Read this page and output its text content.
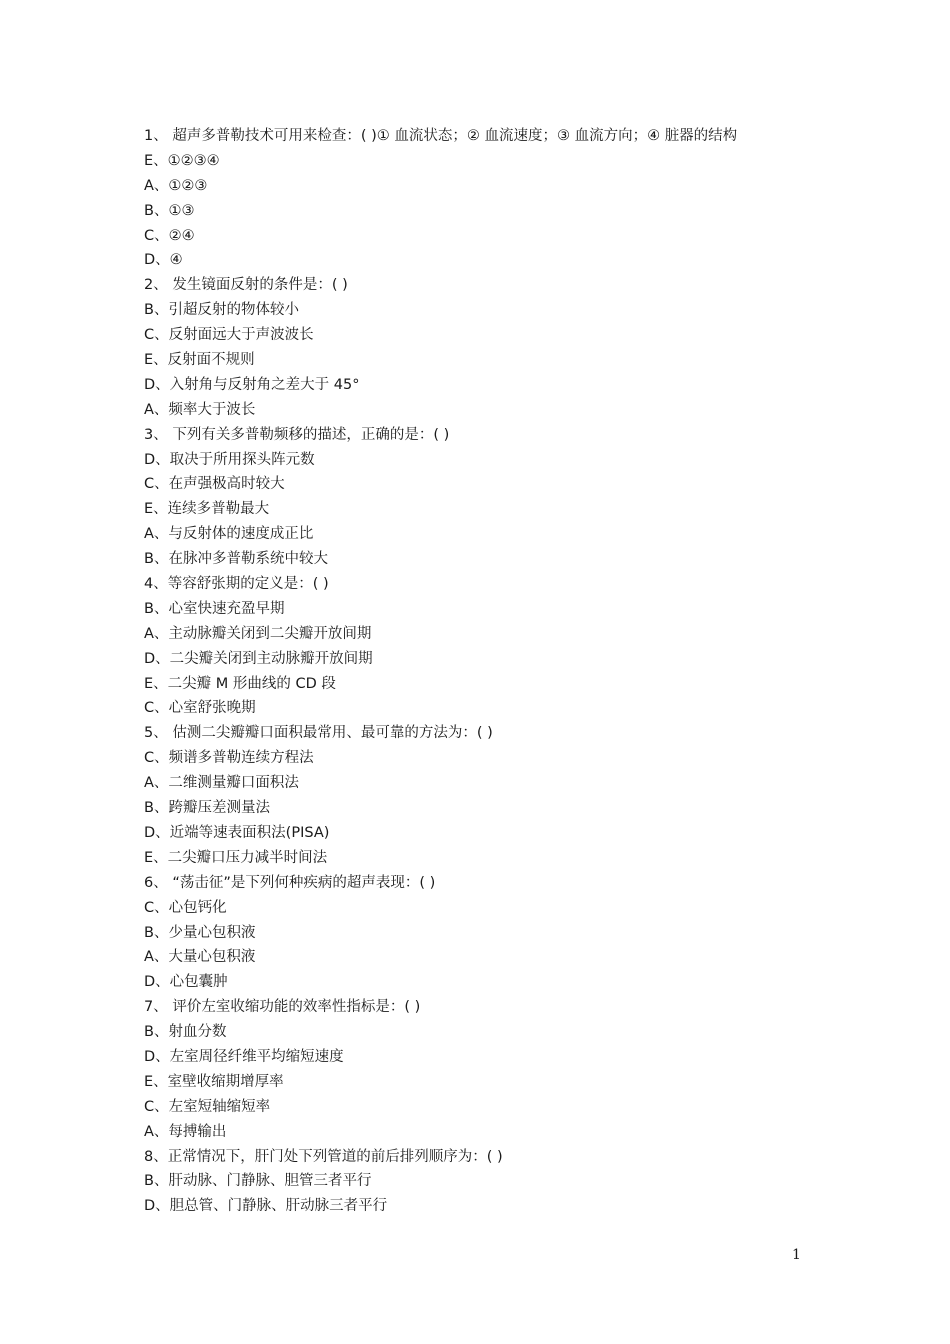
1、 超声多普勒技术可用来检查：( )① 血流状态；② 血流速度；③ 血流方向；④ 脏器的结构
E、①②③④
A、①②③
B、①③
C、②④
D、④
2、 发生镜面反射的条件是：( )
B、引超反射的物体较小
C、反射面远大于声波波长
E、反射面不规则
D、入射角与反射角之差大于 45°
A、频率大于波长
3、 下列有关多普勒频移的描述，正确的是：( )
D、取决于所用探头阵元数
C、在声强极高时较大
E、连续多普勒最大
A、与反射体的速度成正比
B、在脉冲多普勒系统中较大
4、等容舒张期的定义是：( )
B、心室快速充盈早期
A、主动脉瓣关闭到二尖瓣开放间期
D、二尖瓣关闭到主动脉瓣开放间期
E、二尖瓣 M 形曲线的 CD 段
C、心室舒张晚期
5、 估测二尖瓣瓣口面积最常用、最可靠的方法为：( )
C、频谱多普勒连续方程法
A、二维测量瓣口面积法
B、跨瓣压差测量法
D、近端等速表面积法(PISA)
E、二尖瓣口压力减半时间法
6、 “荡击征”是下列何种疾病的超声表现：( )
C、心包钙化
B、少量心包积液
A、大量心包积液
D、心包囊肿
7、 评价左室收缩功能的效率性指标是：( )
B、射血分数
D、左室周径纤维平均缩短速度
E、室壁收缩期增厚率
C、左室短轴缩短率
A、每搏输出
8、正常情况下，肝门处下列管道的前后排列顺序为：( )
B、肝动脉、门静脉、胆管三者平行
D、胆总管、门静脉、肝动脉三者平行
1
